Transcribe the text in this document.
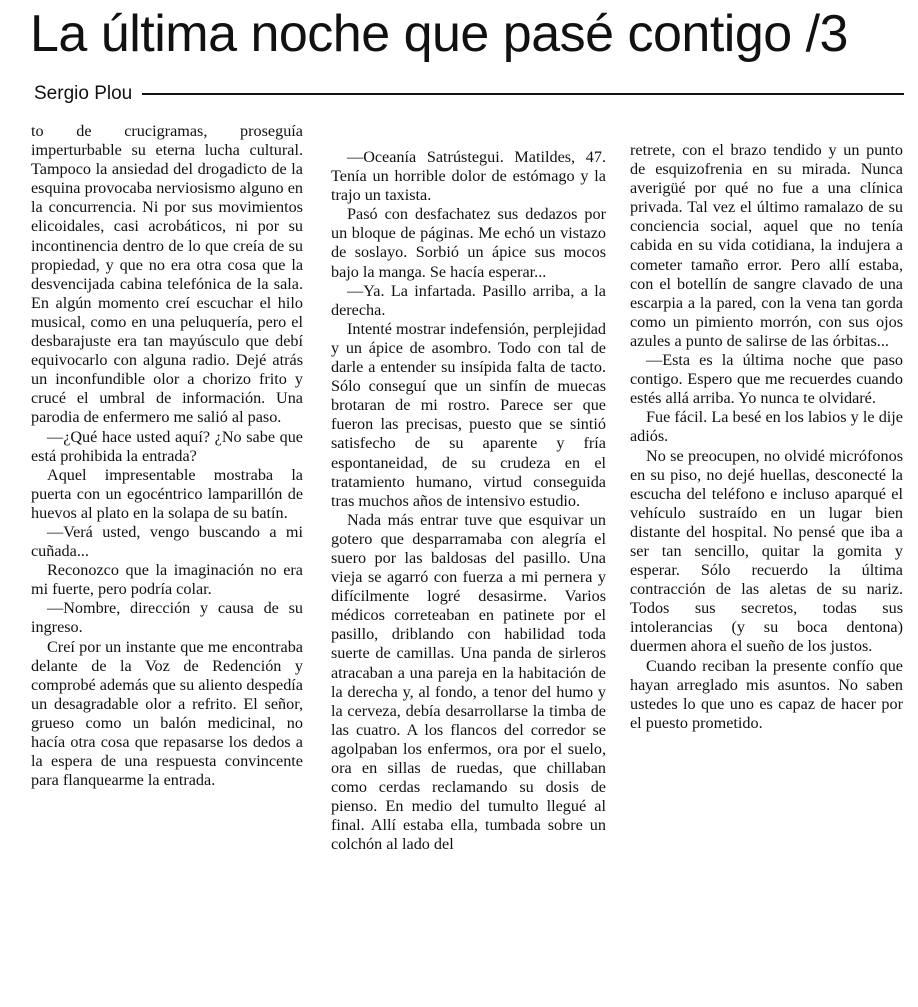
La última noche que pasé contigo /3
Sergio Plou

to de crucigramas, proseguía imperturbable su eterna lucha cultural. Tampoco la ansiedad del drogadicto de la esquina provocaba nerviosismo alguno en la concurrencia. Ni por sus movimientos elicoidales, casi acrobáticos, ni por su incontinencia dentro de lo que creía de su propiedad, y que no era otra cosa que la desvencijada cabina telefónica de la sala. En algún momento creí escuchar el hilo musical, como en una peluquería, pero el desbarajuste era tan mayúsculo que debí equivocarlo con alguna radio. Dejé atrás un inconfundible olor a chorizo frito y crucé el umbral de información. Una parodia de enfermero me salió al paso.

—¿Qué hace usted aquí? ¿No sabe que está prohibida la entrada?

Aquel impresentable mostraba la puerta con un egocéntrico lamparillón de huevos al plato en la solapa de su batín.

—Verá usted, vengo buscando a mi cuñada...

Reconozco que la imaginación no era mi fuerte, pero podría colar.

—Nombre, dirección y causa de su ingreso.

Creí por un instante que me encontraba delante de la Voz de Redención y comprobé además que su aliento despedía un desagradable olor a refrito. El señor, grueso como un balón medicinal, no hacía otra cosa que repasarse los dedos a la espera de una respuesta convincente para flanquearme la entrada.

—Oceanía Satrústegui. Matildes, 47. Tenía un horrible dolor de estómago y la trajo un taxista.

Pasó con desfachatez sus dedazos por un bloque de páginas. Me echó un vistazo de soslayo. Sorbió un ápice sus mocos bajo la manga. Se hacía esperar...

—Ya. La infartada. Pasillo arriba, a la derecha.

Intenté mostrar indefensión, perplejidad y un ápice de asombro. Todo con tal de darle a entender su insípida falta de tacto. Sólo conseguí que un sinfín de muecas brotaran de mi rostro. Parece ser que fueron las precisas, puesto que se sintió satisfecho de su aparente y fría espontaneidad, de su crudeza en el tratamiento humano, virtud conseguida tras muchos años de intensivo estudio.

Nada más entrar tuve que esquivar un gotero que desparramaba con alegría el suero por las baldosas del pasillo. Una vieja se agarró con fuerza a mi pernera y difícilmente logré desasirme. Varios médicos correteaban en patinete por el pasillo, driblando con habilidad toda suerte de camillas. Una panda de sirleros atracaban a una pareja en la habitación de la derecha y, al fondo, a tenor del humo y la cerveza, debía desarrollarse la timba de las cuatro. A los flancos del corredor se agolpaban los enfermos, ora por el suelo, ora en sillas de ruedas, que chillaban como cerdas reclamando su dosis de pienso. En medio del tumulto llegué al final. Allí estaba ella, tumbada sobre un colchón al lado del

retrete, con el brazo tendido y un punto de esquizofrenia en su mirada. Nunca averigüé por qué no fue a una clínica privada. Tal vez el último ramalazo de su conciencia social, aquel que no tenía cabida en su vida cotidiana, la indujera a cometer tamaño error. Pero allí estaba, con el botellín de sangre clavado de una escarpia a la pared, con la vena tan gorda como un pimiento morrón, con sus ojos azules a punto de salirse de las órbitas...

—Esta es la última noche que paso contigo. Espero que me recuerdes cuando estés allá arriba. Yo nunca te olvidaré.

Fue fácil. La besé en los labios y le dije adiós.

No se preocupen, no olvidé micrófonos en su piso, no dejé huellas, desconecté la escucha del teléfono e incluso aparqué el vehículo sustraído en un lugar bien distante del hospital. No pensé que iba a ser tan sencillo, quitar la gomita y esperar. Sólo recuerdo la última contracción de las aletas de su nariz. Todos sus secretos, todas sus intolerancias (y su boca dentona) duermen ahora el sueño de los justos.

Cuando reciban la presente confío que hayan arreglado mis asuntos. No saben ustedes lo que uno es capaz de hacer por el puesto prometido.
